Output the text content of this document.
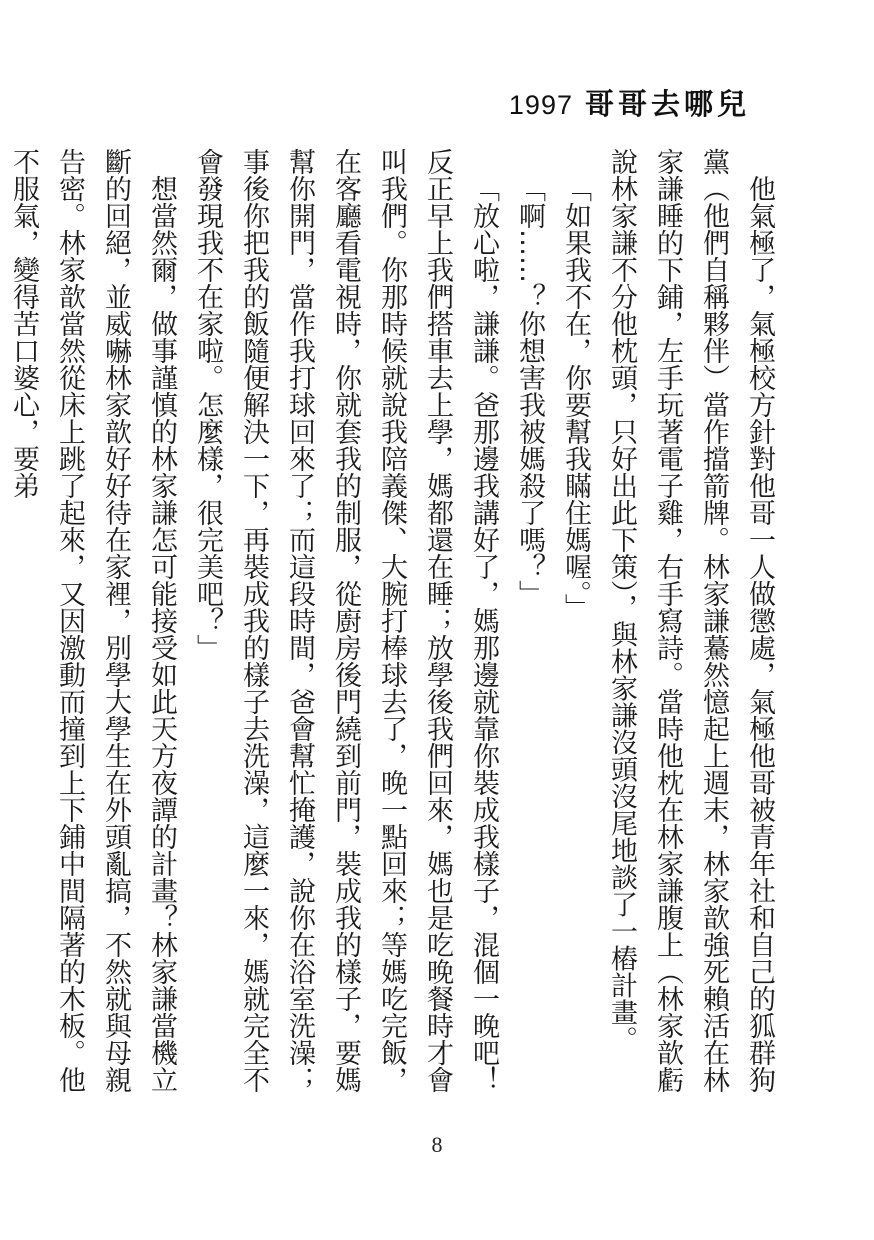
1997 哥哥去哪兒

他氣極了，氣極校方針對他哥一人做懲處，氣極他哥被青年社和自己的狐群狗黨（他們自稱夥伴）當作擋箭牌。林家謙驀然憶起上週末，林家歆強死賴活在林家謙睡的下鋪，左手玩著電子雞，右手寫詩。當時他枕在林家謙腹上（林家歆虧說林家謙不分他枕頭，只好出此下策），與林家謙沒頭沒尾地談了一樁計畫。

「如果我不在，你要幫我瞞住媽喔。」

「啊……？你想害我被媽殺了嗎？」

「放心啦，謙謙。爸那邊我講好了，媽那邊就靠你裝成我樣子，混個一晚吧！反正早上我們搭車去上學，媽都還在睡；放學後我們回來，媽也是吃晚餐時才會叫我們。你那時候就說我陪義傑、大腕打棒球去了，晚一點回來；等媽吃完飯，在客廳看電視時，你就套我的制服，從廚房後門繞到前門，裝成我的樣子，要媽幫你開門，當作我打球回來了；而這段時間，爸會幫忙掩護，說你在浴室洗澡；事後你把我的飯隨便解決一下，再裝成我的樣子去洗澡，這麼一來，媽就完全不會發現我不在家啦。怎麼樣，很完美吧？」

想當然爾，做事謹慎的林家謙怎可能接受如此天方夜譚的計畫？林家謙當機立斷的回絕，並威嚇林家歆好好待在家裡，別學大學生在外頭亂搞，不然就與母親告密。林家歆當然從床上跳了起來，又因激動而撞到上下鋪中間隔著的木板。他不服氣，變得苦口婆心，要弟

8
